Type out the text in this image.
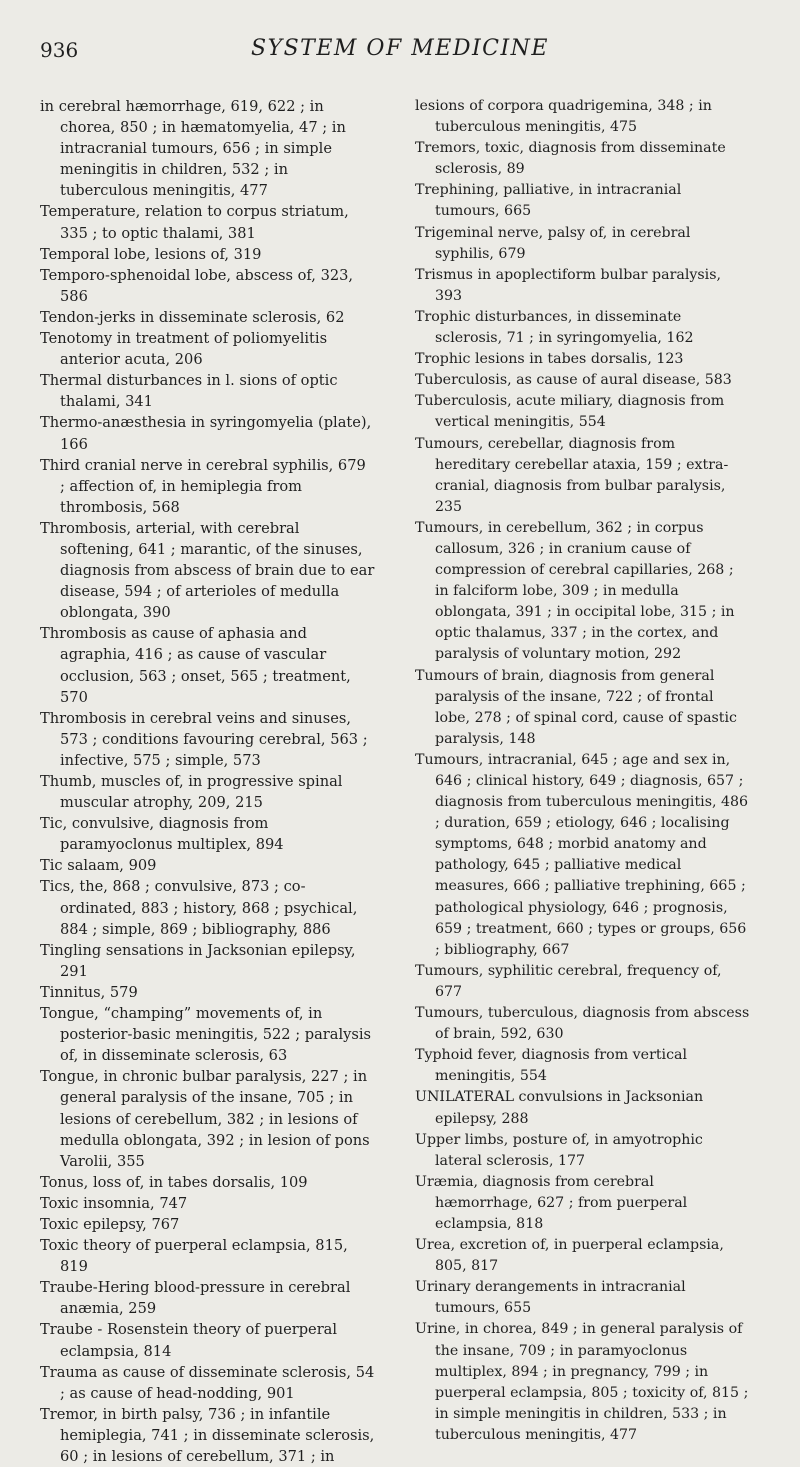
936	SYSTEM OF MEDICINE

in cerebral hæmorrhage, 619, 622 ; in chorea, 850 ; in hæmatomyelia, 47 ; in intracranial tumours, 656 ; in simple meningitis in children, 532 ; in tuberculous meningitis, 477

Temperature, relation to corpus striatum, 335 ; to optic thalami, 381

Temporal lobe, lesions of, 319

Temporo-sphenoidal lobe, abscess of, 323, 586

Tendon-jerks in disseminate sclerosis, 62

Tenotomy in treatment of poliomyelitis anterior acuta, 206

Thermal disturbances in l. sions of optic thalami, 341

Thermo-anæsthesia in syringomyelia (plate), 166

Third cranial nerve in cerebral syphilis, 679 ; affection of, in hemiplegia from thrombosis, 568

Thrombosis, arterial, with cerebral softening, 641 ; marantic, of the sinuses, diagnosis from abscess of brain due to ear disease, 594 ; of arterioles of medulla oblongata, 390

Thrombosis as cause of aphasia and agraphia, 416 ; as cause of vascular occlusion, 563 ; onset, 565 ; treatment, 570

Thrombosis in cerebral veins and sinuses, 573 ; conditions favouring cerebral, 563 ; infective, 575 ; simple, 573

Thumb, muscles of, in progressive spinal muscular atrophy, 209, 215

Tic, convulsive, diagnosis from paramyoclonus multiplex, 894

Tic salaam, 909

Tics, the, 868 ; convulsive, 873 ; co-ordinated, 883 ; history, 868 ; psychical, 884 ; simple, 869 ; bibliography, 886

Tingling sensations in Jacksonian epilepsy, 291

Tinnitus, 579

Tongue, “champing” movements of, in posterior-basic meningitis, 522 ; paralysis of, in disseminate sclerosis, 63

Tongue, in chronic bulbar paralysis, 227 ; in general paralysis of the insane, 705 ; in lesions of cerebellum, 382 ; in lesions of medulla oblongata, 392 ; in lesion of pons Varolii, 355

Tonus, loss of, in tabes dorsalis, 109

Toxic insomnia, 747

Toxic epilepsy, 767

Toxic theory of puerperal eclampsia, 815, 819

Traube-Hering blood-pressure in cerebral anæmia, 259

Traube - Rosenstein theory of puerperal eclampsia, 814

Trauma as cause of disseminate sclerosis, 54 ; as cause of head-nodding, 901

Tremor, in birth palsy, 736 ; in infantile hemiplegia, 741 ; in disseminate sclerosis, 60 ; in lesions of cerebellum, 371 ; in

lesions of corpora quadrigemina, 348 ; in tuberculous meningitis, 475

Tremors, toxic, diagnosis from disseminate sclerosis, 89

Trephining, palliative, in intracranial tumours, 665

Trigeminal nerve, palsy of, in cerebral syphilis, 679

Trismus in apoplectiform bulbar paralysis, 393

Trophic disturbances, in disseminate sclerosis, 71 ; in syringomyelia, 162

Trophic lesions in tabes dorsalis, 123

Tuberculosis, as cause of aural disease, 583

Tuberculosis, acute miliary, diagnosis from vertical meningitis, 554

Tumours, cerebellar, diagnosis from hereditary cerebellar ataxia, 159 ; extra-cranial, diagnosis from bulbar paralysis, 235

Tumours, in cerebellum, 362 ; in corpus callosum, 326 ; in cranium cause of compression of cerebral capillaries, 268 ; in falciform lobe, 309 ; in medulla oblongata, 391 ; in occipital lobe, 315 ; in optic thalamus, 337 ; in the cortex, and paralysis of voluntary motion, 292

Tumours of brain, diagnosis from general paralysis of the insane, 722 ; of frontal lobe, 278 ; of spinal cord, cause of spastic paralysis, 148

Tumours, intracranial, 645 ; age and sex in, 646 ; clinical history, 649 ; diagnosis, 657 ; diagnosis from tuberculous meningitis, 486 ; duration, 659 ; etiology, 646 ; localising symptoms, 648 ; morbid anatomy and pathology, 645 ; palliative medical measures, 666 ; palliative trephining, 665 ; pathological physiology, 646 ; prognosis, 659 ; treatment, 660 ; types or groups, 656 ; bibliography, 667

Tumours, syphilitic cerebral, frequency of, 677

Tumours, tuberculous, diagnosis from abscess of brain, 592, 630

Typhoid fever, diagnosis from vertical meningitis, 554

UNILATERAL convulsions in Jacksonian epilepsy, 288

Upper limbs, posture of, in amyotrophic lateral sclerosis, 177

Uræmia, diagnosis from cerebral hæmorrhage, 627 ; from puerperal eclampsia, 818

Urea, excretion of, in puerperal eclampsia, 805, 817

Urinary derangements in intracranial tumours, 655

Urine, in chorea, 849 ; in general paralysis of the insane, 709 ; in paramyoclonus multiplex, 894 ; in pregnancy, 799 ; in puerperal eclampsia, 805 ; toxicity of, 815 ; in simple meningitis in children, 533 ; in tuberculous meningitis, 477
